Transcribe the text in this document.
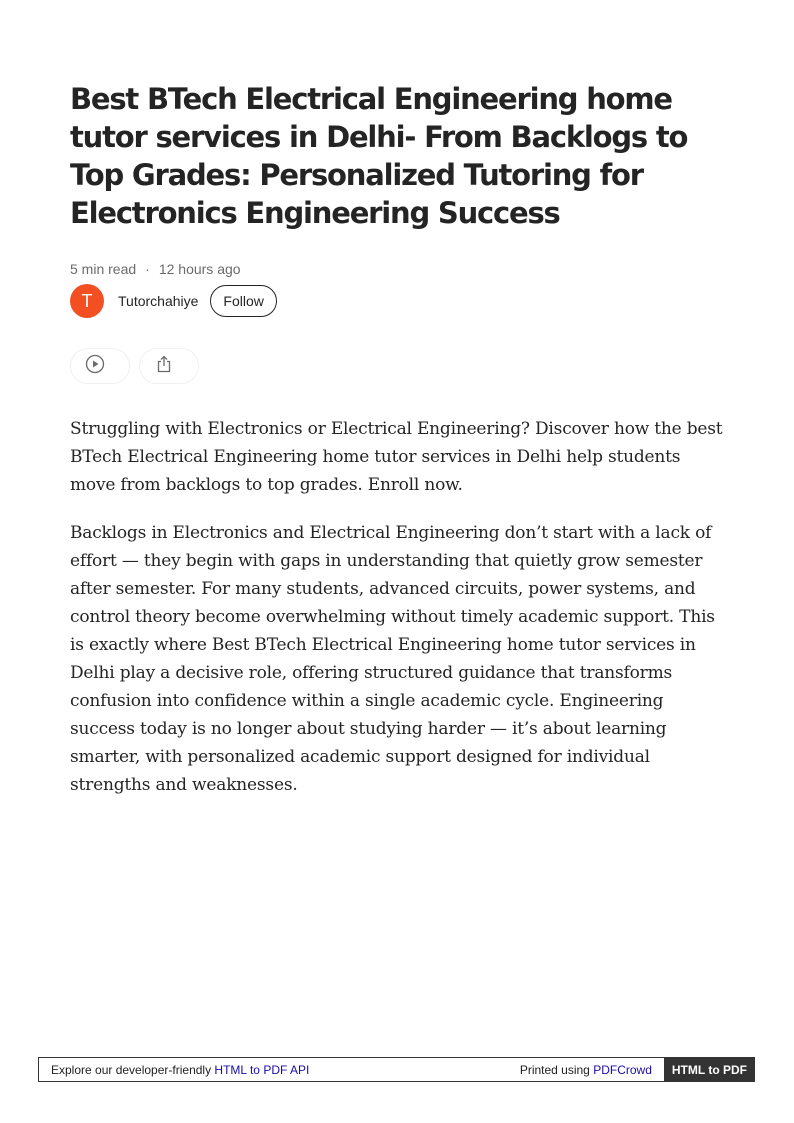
Best BTech Electrical Engineering home tutor services in Delhi- From Backlogs to Top Grades: Personalized Tutoring for Electronics Engineering Success
5 min read · 12 hours ago
T Tutorchahiye	Follow

Struggling with Electronics or Electrical Engineering? Discover how the best BTech Electrical Engineering home tutor services in Delhi help students move from backlogs to top grades. Enroll now.

Backlogs in Electronics and Electrical Engineering don’t start with a lack of effort — they begin with gaps in understanding that quietly grow semester after semester. For many students, advanced circuits, power systems, and control theory become overwhelming without timely academic support. This is exactly where Best BTech Electrical Engineering home tutor services in Delhi play a decisive role, offering structured guidance that transforms confusion into confidence within a single academic cycle. Engineering success today is no longer about studying harder — it’s about learning smarter, with personalized academic support designed for individual strengths and weaknesses.

Explore our developer-friendly HTML to PDF API	Printed using PDFCrowd	HTML to PDF
